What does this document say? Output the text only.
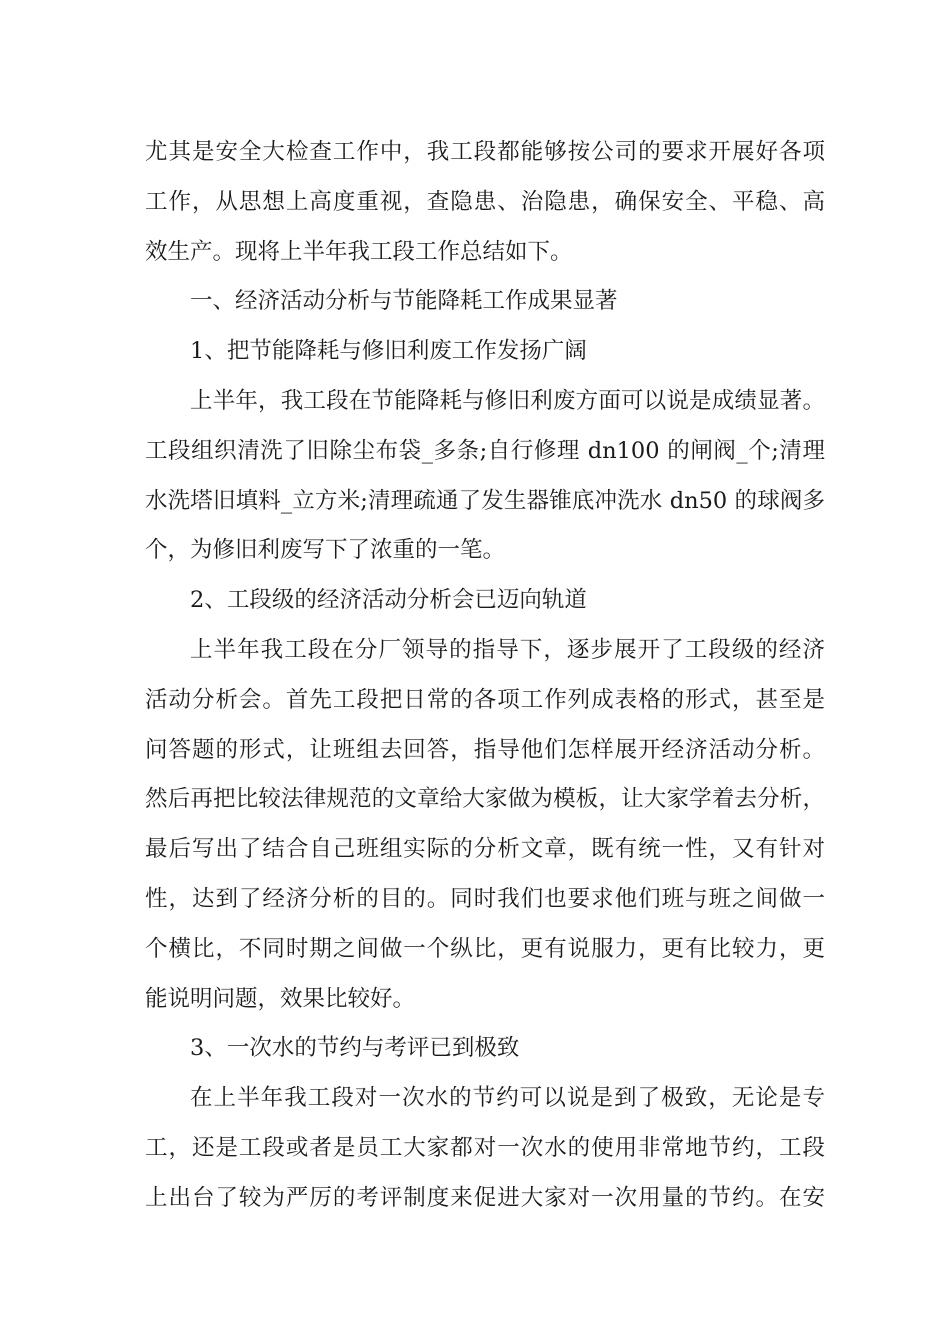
尤其是安全大检查工作中，我工段都能够按公司的要求开展好各项
工作，从思想上高度重视，查隐患、治隐患，确保安全、平稳、高
效生产。现将上半年我工段工作总结如下。
一、经济活动分析与节能降耗工作成果显著
1、把节能降耗与修旧利废工作发扬广阔
上半年，我工段在节能降耗与修旧利废方面可以说是成绩显著。
工段组织清洗了旧除尘布袋_多条;自行修理 dn100 的闸阀_个;清理
水洗塔旧填料_立方米;清理疏通了发生器锥底冲洗水 dn50 的球阀多
个，为修旧利废写下了浓重的一笔。
2、工段级的经济活动分析会已迈向轨道
上半年我工段在分厂领导的指导下，逐步展开了工段级的经济
活动分析会。首先工段把日常的各项工作列成表格的形式，甚至是
问答题的形式，让班组去回答，指导他们怎样展开经济活动分析。
然后再把比较法律规范的文章给大家做为模板，让大家学着去分析，
最后写出了结合自己班组实际的分析文章，既有统一性，又有针对
性，达到了经济分析的目的。同时我们也要求他们班与班之间做一
个横比，不同时期之间做一个纵比，更有说服力，更有比较力，更
能说明问题，效果比较好。
3、一次水的节约与考评已到极致
在上半年我工段对一次水的节约可以说是到了极致，无论是专
工，还是工段或者是员工大家都对一次水的使用非常地节约，工段
上出台了较为严厉的考评制度来促进大家对一次用量的节约。在安
